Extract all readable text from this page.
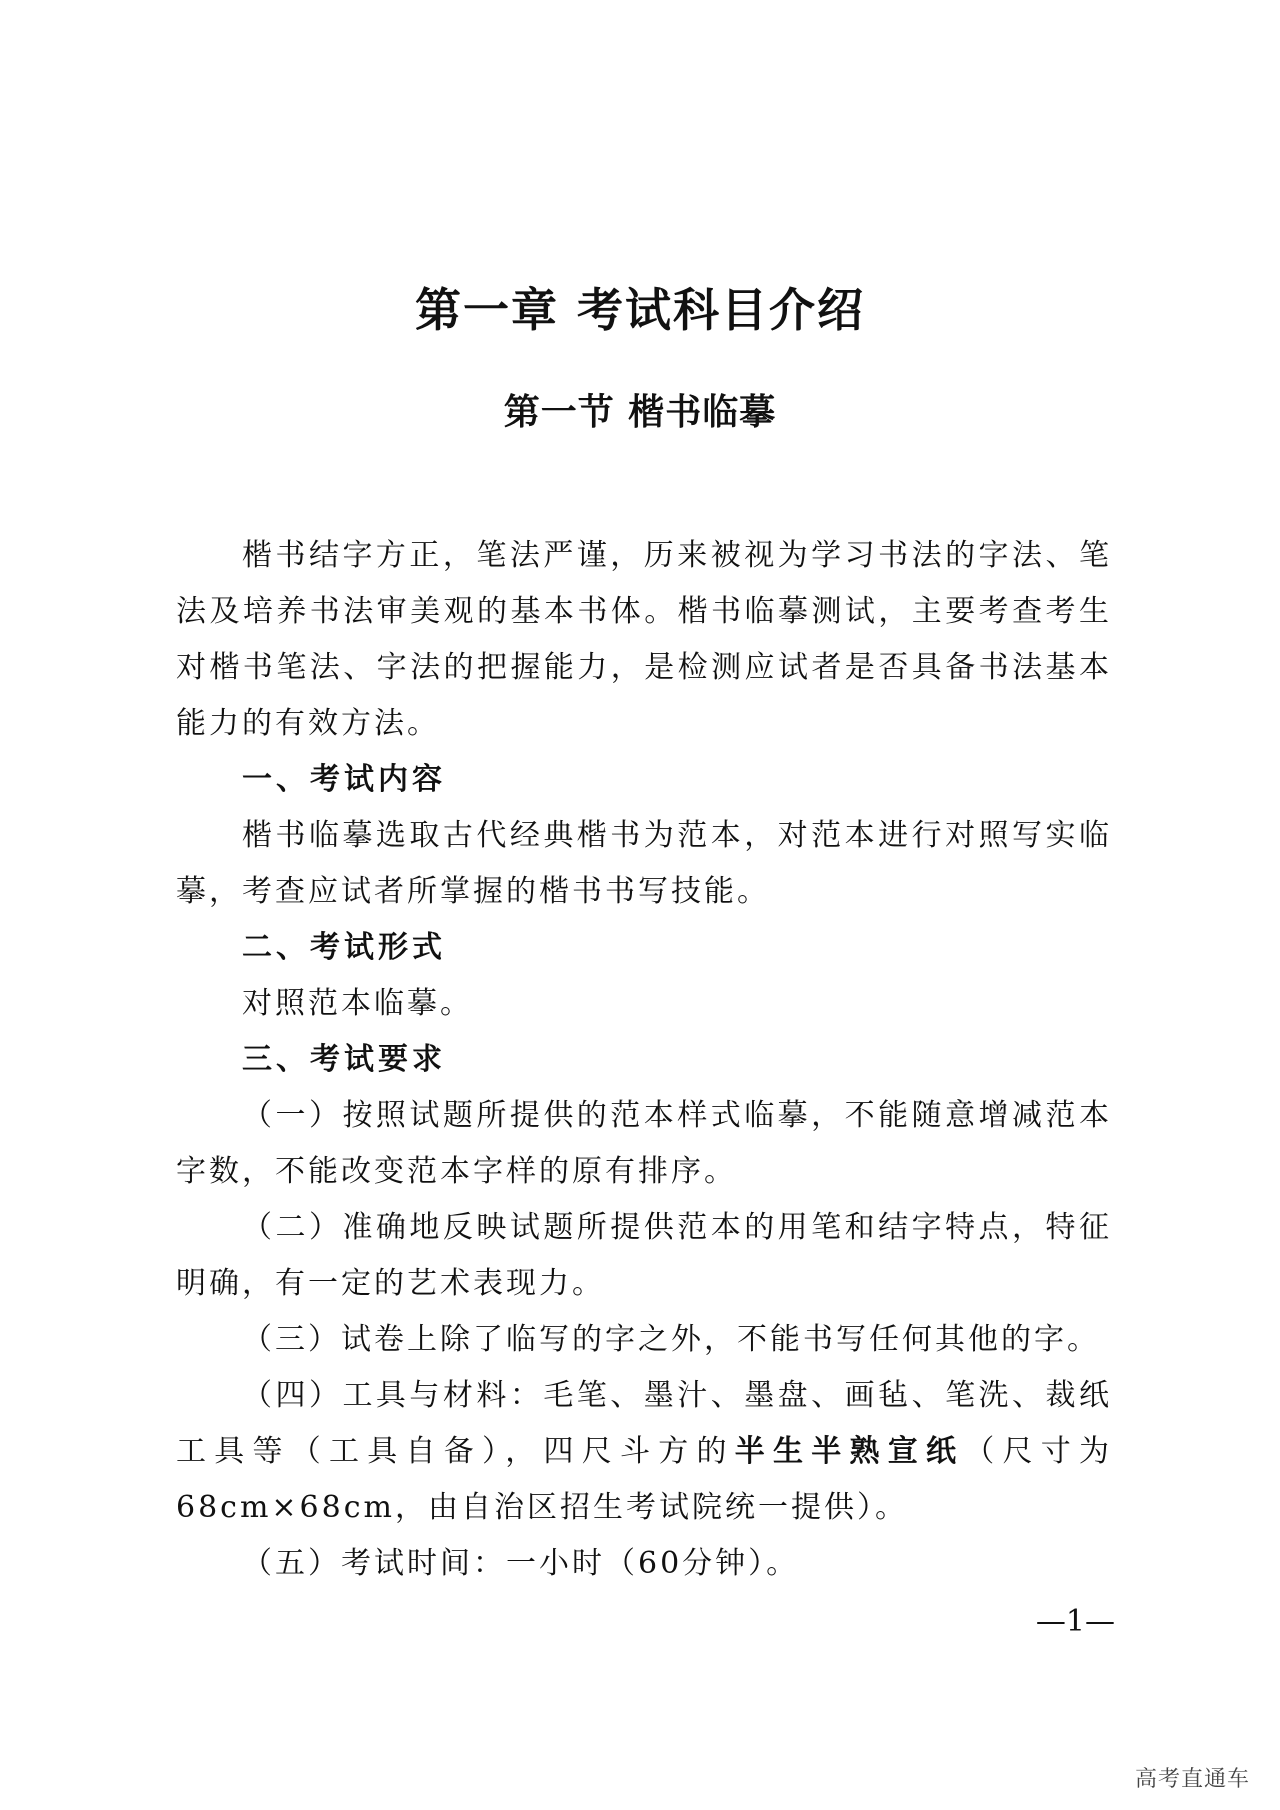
第一章 考试科目介绍
第一节 楷书临摹

楷书结字方正，笔法严谨，历来被视为学习书法的字法、笔法及培养书法审美观的基本书体。楷书临摹测试，主要考查考生对楷书笔法、字法的把握能力，是检测应试者是否具备书法基本能力的有效方法。

一、考试内容

楷书临摹选取古代经典楷书为范本，对范本进行对照写实临摹，考查应试者所掌握的楷书书写技能。

二、考试形式

对照范本临摹。

三、考试要求

（一）按照试题所提供的范本样式临摹，不能随意增减范本字数，不能改变范本字样的原有排序。

（二）准确地反映试题所提供范本的用笔和结字特点，特征明确，有一定的艺术表现力。

（三）试卷上除了临写的字之外，不能书写任何其他的字。

（四）工具与材料：毛笔、墨汁、墨盘、画毡、笔洗、裁纸工具等（工具自备），四尺斗方的半生半熟宣纸（尺寸为68cm×68cm，由自治区招生考试院统一提供）。

（五）考试时间：一小时（60分钟）。

—1—
高考直通车
